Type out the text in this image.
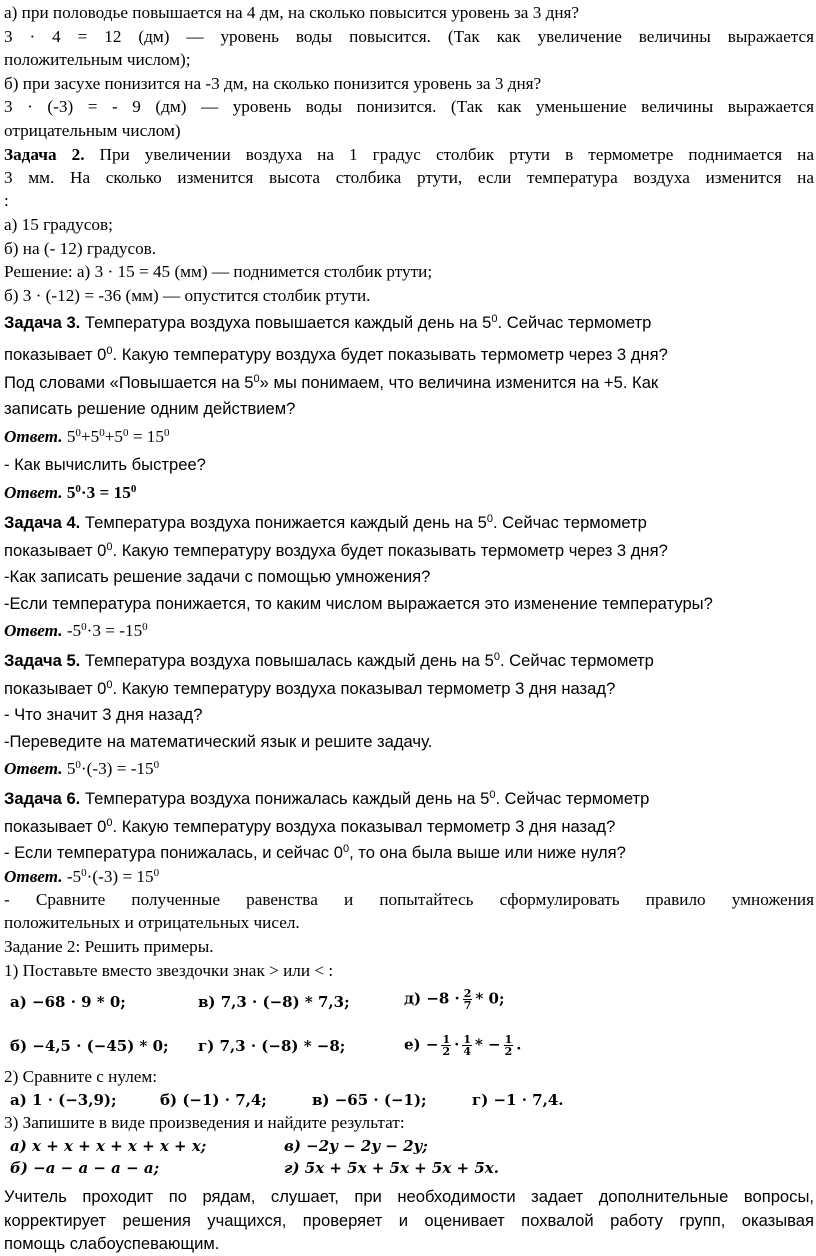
а) при половодье повышается на 4 дм, на сколько повысится уровень за 3 дня?
3 · 4 = 12 (дм) — уровень воды повысится. (Так как увеличение величины выражается
положительным числом);
б) при засухе понизится на -3 дм, на сколько понизится уровень за 3 дня?
3 · (-3) = - 9 (дм) — уровень воды понизится. (Так как уменьшение величины выражается
отрицательным числом)
Задача 2. При увеличении воздуха на 1 градус столбик ртути в термометре поднимается на
3 мм. На сколько изменится высота столбика ртути, если температура воздуха изменится на
:
а) 15 градусов;
б) на (- 12) градусов.
Решение: а) 3 · 15 = 45 (мм) — поднимется столбик ртути;
б) 3 · (-12) = -36 (мм) — опустится столбик ртути.
Задача 3. Температура воздуха повышается каждый день на $5^0$. Сейчас термометр
показывает $0^0$. Какую температуру воздуха будет показывать термометр через 3 дня?
Под словами «Повышается на $5^0$» мы понимаем, что величина изменится на +5. Как
записать решение одним действием?
Ответ. $5^0+5^0+5^0 = 15^0$
- Как вычислить быстрее?
Ответ. $5^0\cdot 3 = 15^0$
Задача 4. Температура воздуха понижается каждый день на $5^0$. Сейчас термометр
показывает $0^0$. Какую температуру воздуха будет показывать термометр через 3 дня?
-Как записать решение задачи с помощью умножения?
-Если температура понижается, то каким числом выражается это изменение температуры?
Ответ. $-5^0\cdot 3 = -15^0$
Задача 5. Температура воздуха повышалась каждый день на $5^0$. Сейчас термометр
показывает $0^0$. Какую температуру воздуха показывал термометр 3 дня назад?
- Что значит 3 дня назад?
-Переведите на математический язык и решите задачу.
Ответ. $5^0\cdot(-3) = -15^0$
Задача 6. Температура воздуха понижалась каждый день на $5^0$. Сейчас термометр
показывает $0^0$. Какую температуру воздуха показывал термометр 3 дня назад?
- Если температура понижалась, и сейчас $0^0$, то она была выше или ниже нуля?
Ответ. $-5^0\cdot(-3) = 15^0$
- Сравните полученные равенства и попытайтесь сформулировать правило умножения
положительных и отрицательных чисел.
Задание 2: Решить примеры.
1) Поставьте вместо звездочки знак > или < :
а) −68 · 9 * 0;	в) 7,3 · (−8) * 7,3;	$д) -8 \cdot \frac{2}{7} * 0$;
б) −4,5 · (−45) * 0; г) 7,3 · (−8) * −8;	$е) - \frac{1}{2} \cdot \frac{1}{4}$ * − $\frac{1}{2}$ .
2) Сравните с нулем:
а) 1 · (−3,9);	б) (−1) · 7,4;	в) −65 · (−1);	г) −1 · 7,4.
3) Запишите в виде произведения и найдите результат:
а) x + x + x + x + x + x;	в) −2y − 2y − 2y;
б) −a − a − a − a;	г) 5x + 5x + 5x + 5x + 5x.
Учитель проходит по рядам, слушает, при необходимости задает дополнительные вопросы,
корректирует решения учащихся, проверяет и оценивает похвалой работу групп, оказывая
помощь слабоуспевающим.
